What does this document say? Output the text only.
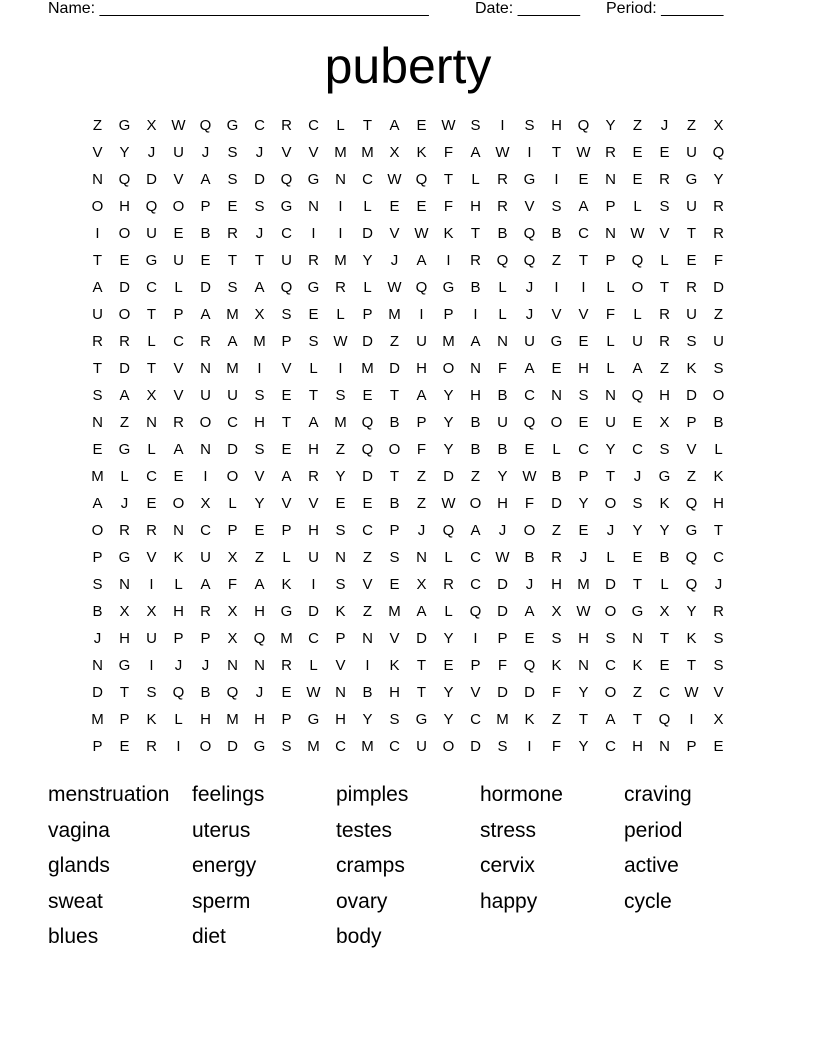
Name: _____________________________________	Date: _______ Period: _______
puberty
Z	G	X W Q	G	C	R	C	L	T	A	E W S	I	S	H	Q	Y	Z	J	Z	X
V	Y	J	U	J	S	J	V	V	M M	X	K	F	A W	I	T	W R	E	E	U	Q
N	Q	D	V	A	S	D	Q	G	N	C W Q	T	L	R	G	I	E	N	E	R	G	Y
O	H	Q	O	P	E	S	G	N	I	L	E	E	F	H	R	V	S	A	P	L	S	U	R
I	O	U	E	B	R	J	C	I	I	D	V W K	T	B	Q	B	C	N W V	T	R
T	E	G	U	E	T	T	U	R	M	Y	J	A	I	R	Q	Q	Z	T	P	Q	L	E	F
A	D	C	L	D	S	A	Q	G	R	L	W Q	G	B	L	J	I	I	L	O	T	R	D
U	O	T	P	A	M	X	S	E	L	P	M	I	P	I	L	J	V	V	F	L	R	U	Z
R	R	L	C	R	A	M	P	S W D	Z	U	M	A	N	U	G	E	L	U	R	S	U
T	D	T	V	N	M	I	V	L	I	M	D	H	O	N	F	A	E	H	L	A	Z	K	S
S	A	X	V	U	U	S	E	T	S	E	T	A	Y	H	B	C	N	S	N	Q	H	D	O
N	Z	N	R	O	C	H	T	A	M Q	B	P	Y	B	U	Q	O	E	U	E	X	P	B
E	G	L	A	N	D	S	E	H	Z	Q	O	F	Y	B	B	E	L	C	Y	C	S	V	L
M	L	C	E	I	O	V	A	R	Y	D	T	Z	D	Z	Y W B	P	T	J	G	Z	K
A	J	E	O	X	L	Y	V	V	E	E	B	Z	W O	H	F	D	Y	O	S	K	Q	H
O	R	R	N	C	P	E	P	H	S	C	P	J	Q	A	J	O	Z	E	J	Y	Y	G	T
P	G	V	K	U	X	Z	L	U	N	Z	S	N	L	C W B	R	J	L	E	B	Q	C
S	N	I	L	A	F	A	K	I	S	V	E	X	R	C	D	J	H	M	D	T	L	Q	J
B	X	X	H	R	X	H	G	D	K	Z	M	A	L	Q	D	A	X W O	G	X	Y	R
J	H	U	P	P	X	Q M	C	P	N	V	D	Y	I	P	E	S	H	S	N	T	K	S
N	G	I	J	J	N	N	R	L	V	I	K	T	E	P	F	Q	K	N	C	K	E	T	S
D	T	S	Q	B	Q	J	E W N	B	H	T	Y	V	D	D	F	Y	O	Z	C W V
M	P	K	L	H	M	H	P	G	H	Y	S	G	Y	C	M	K	Z	T	A	T	Q	I	X
P	E	R	I	O	D	G	S	M	C	M	C	U	O	D	S	I	F	Y	C	H	N	P	E
menstruation	feelings	pimples	hormone	craving
vagina	uterus	testes	stress	period
glands	energy	cramps	cervix	active
sweat	sperm	ovary	happy	cycle
blues	diet	body
